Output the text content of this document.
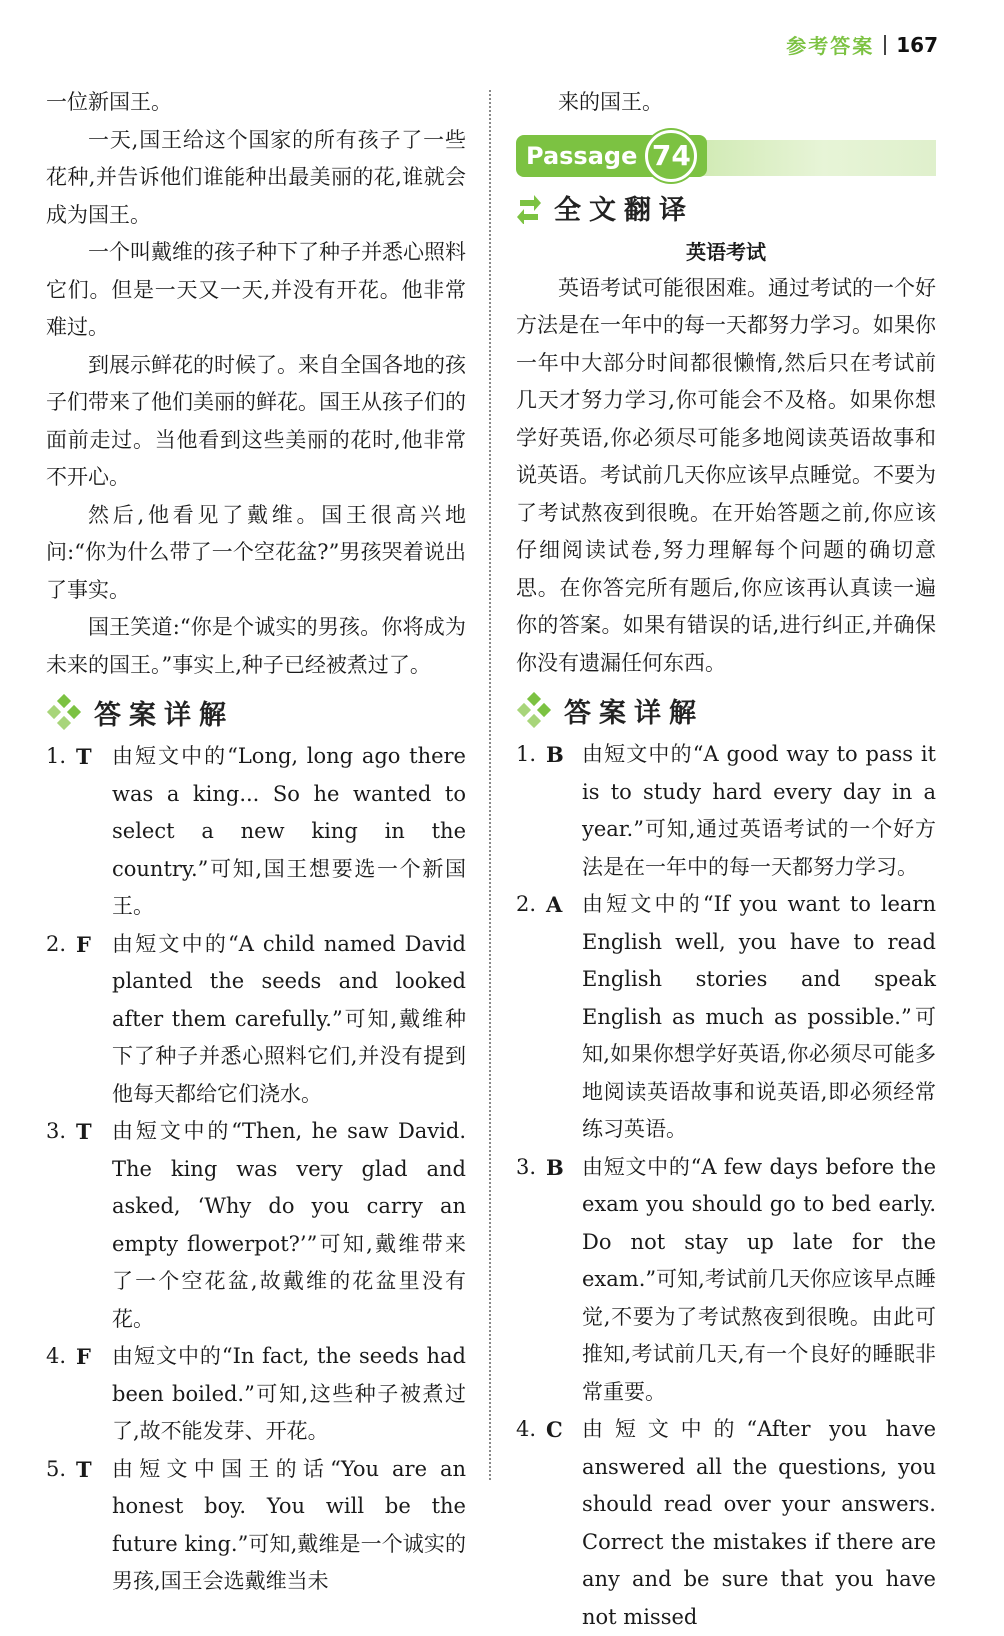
参考答案 167

一位新国王。

一天,国王给这个国家的所有孩子了一些花种,并告诉他们谁能种出最美丽的花,谁就会成为国王。

一个叫戴维的孩子种下了种子并悉心照料它们。但是一天又一天,并没有开花。他非常难过。

到展示鲜花的时候了。来自全国各地的孩子们带来了他们美丽的鲜花。国王从孩子们的面前走过。当他看到这些美丽的花时,他非常不开心。

然后,他看见了戴维。国王很高兴地问:“你为什么带了一个空花盆?”男孩哭着说出了事实。

国王笑道:“你是个诚实的男孩。你将成为未来的国王。”事实上,种子已经被煮过了。

答案详解
1. T 由短文中的“Long, long ago there was a king... So he wanted to select a new king in the country.”可知,国王想要选一个新国王。
2. F	由短文中的“A child named David planted the seeds and looked after them carefully.”可知,戴维种下了种子并悉心照料它们,并没有提到他每天都给它们浇水。
3. T 由短文中的“Then, he saw David. The king was very glad and asked, ‘Why do you carry an empty flowerpot?’”可知,戴维带来了一个空花盆,故戴维的花盆里没有花。
4. F	由短文中的“In fact, the seeds had been boiled.”可知,这些种子被煮过了,故不能发芽、开花。
5. T 由短文中国王的话“You are an honest boy. You will be the future king.”可知,戴维是一个诚实的男孩,国王会选戴维当未

来的国王。

Passage 74
全文翻译

英语考试

英语考试可能很困难。通过考试的一个好方法是在一年中的每一天都努力学习。如果你一年中大部分时间都很懒惰,然后只在考试前几天才努力学习,你可能会不及格。如果你想学好英语,你必须尽可能多地阅读英语故事和说英语。考试前几天你应该早点睡觉。不要为了考试熬夜到很晚。在开始答题之前,你应该仔细阅读试卷,努力理解每个问题的确切意思。在你答完所有题后,你应该再认真读一遍你的答案。如果有错误的话,进行纠正,并确保你没有遗漏任何东西。

答案详解
1. B 由短文中的“A good way to pass it is to study hard every day in a year.”可知,通过英语考试的一个好方法是在一年中的每一天都努力学习。
2. A 由短文中的“If you want to learn English well, you have to read English stories and speak English as much as possible.”可知,如果你想学好英语,你必须尽可能多地阅读英语故事和说英语,即必须经常练习英语。
3. B 由短文中的“A few days before the exam you should go to bed early. Do not stay up late for the exam.”可知,考试前几天你应该早点睡觉,不要为了考试熬夜到很晚。由此可推知,考试前几天,有一个良好的睡眠非常重要。
4. C 由短文中的“After you have answered all the questions, you should read over your answers. Correct the mistakes if there are any and be sure that you have not missed
